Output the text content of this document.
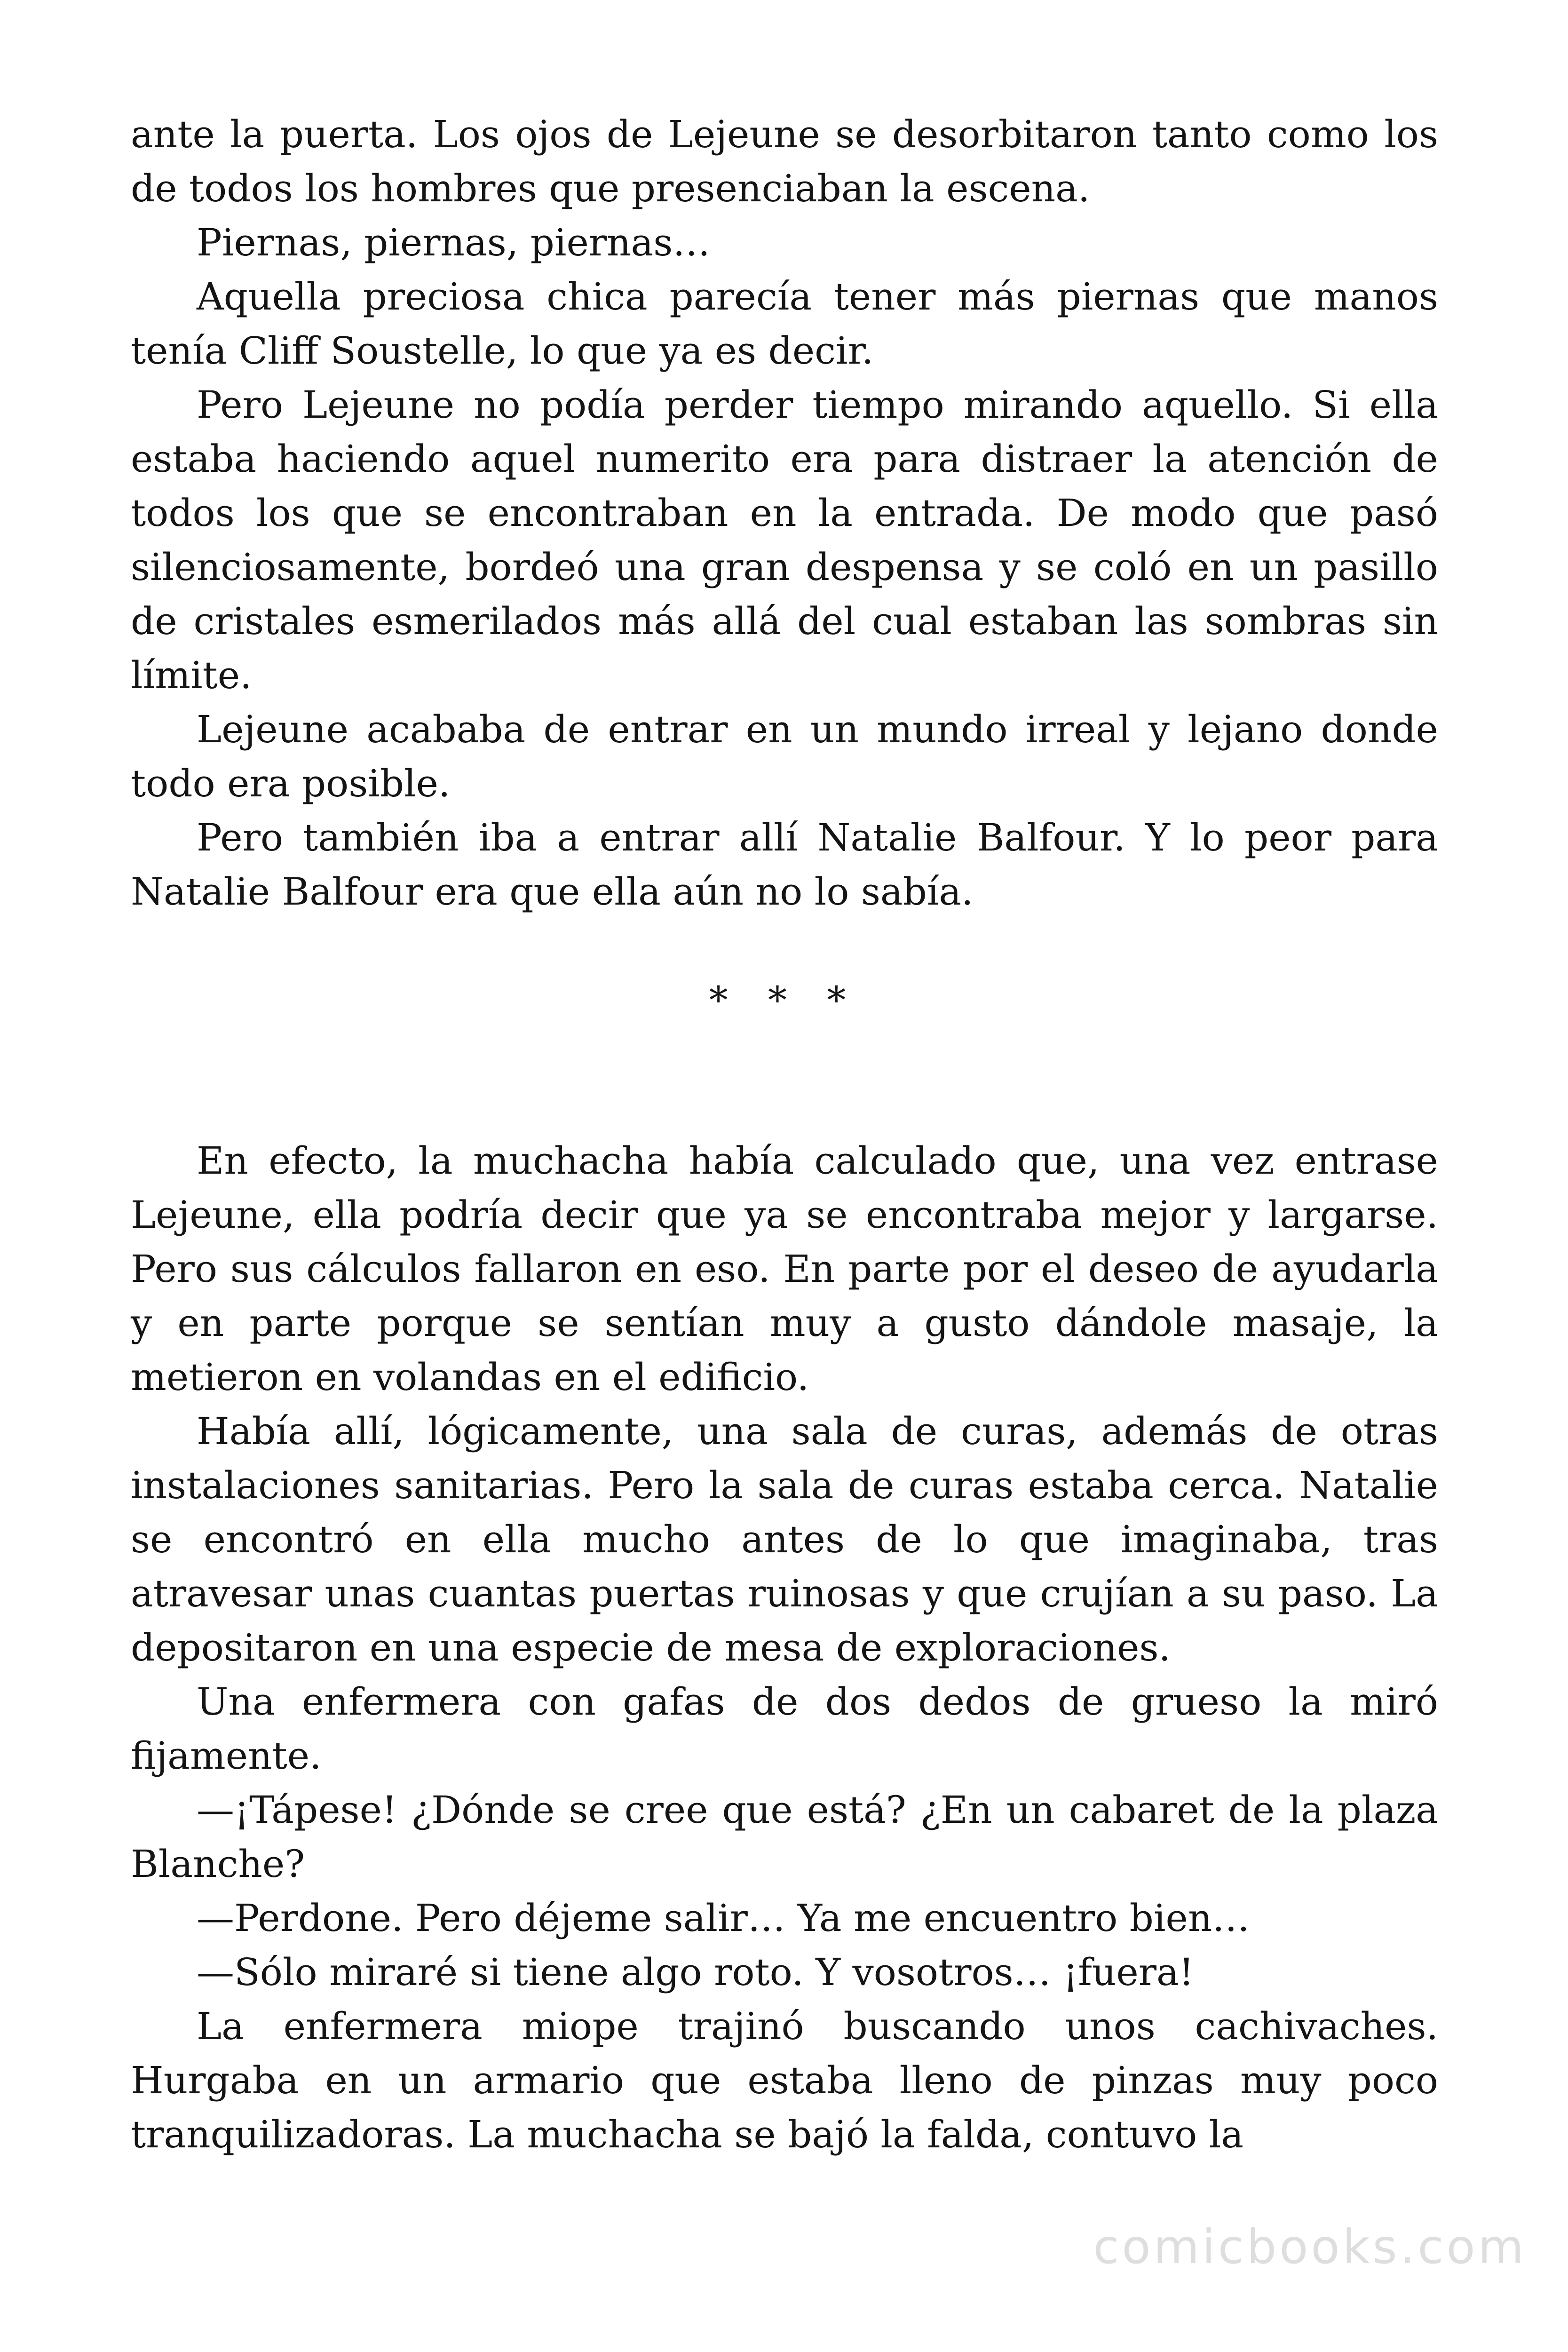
ante la puerta. Los ojos de Lejeune se desorbitaron tanto como los de todos los hombres que presenciaban la escena.

Piernas, piernas, piernas…

Aquella preciosa chica parecía tener más piernas que manos tenía Cliff Soustelle, lo que ya es decir.

Pero Lejeune no podía perder tiempo mirando aquello. Si ella estaba haciendo aquel numerito era para distraer la atención de todos los que se encontraban en la entrada. De modo que pasó silenciosamente, bordeó una gran despensa y se coló en un pasillo de cristales esmerilados más allá del cual estaban las sombras sin límite.

Lejeune acababa de entrar en un mundo irreal y lejano donde todo era posible.

Pero también iba a entrar allí Natalie Balfour. Y lo peor para Natalie Balfour era que ella aún no lo sabía.

* * *

En efecto, la muchacha había calculado que, una vez entrase Lejeune, ella podría decir que ya se encontraba mejor y largarse. Pero sus cálculos fallaron en eso. En parte por el deseo de ayudarla y en parte porque se sentían muy a gusto dándole masaje, la metieron en volandas en el edificio.

Había allí, lógicamente, una sala de curas, además de otras instalaciones sanitarias. Pero la sala de curas estaba cerca. Natalie se encontró en ella mucho antes de lo que imaginaba, tras atravesar unas cuantas puertas ruinosas y que crujían a su paso. La depositaron en una especie de mesa de exploraciones.

Una enfermera con gafas de dos dedos de grueso la miró fijamente.

—¡Tápese! ¿Dónde se cree que está? ¿En un cabaret de la plaza Blanche?

—Perdone. Pero déjeme salir… Ya me encuentro bien…

—Sólo miraré si tiene algo roto. Y vosotros… ¡fuera!

La enfermera miope trajinó buscando unos cachivaches. Hurgaba en un armario que estaba lleno de pinzas muy poco tranquilizadoras. La muchacha se bajó la falda, contuvo la

comicbooks.com
